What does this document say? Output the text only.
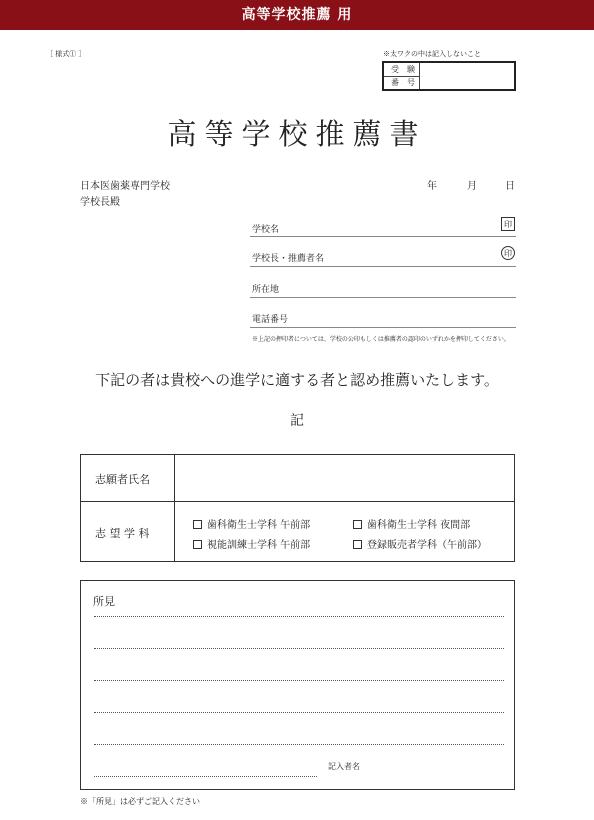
高等学校推薦 用
［ 様式① ］	※太ワクの中は記入しないこと
受　験
番　号
高等学校推薦書
日本医歯薬専門学校
学校長殿
年	月	日
学校名
印
学校長・推薦者名
印
所在地
電話番号
※上記の押印者については、学校の公印もしくは推薦者の認印のいずれかを押印してください。
下記の者は貴校への進学に適する者と認め推薦いたします。
記
志願者氏名
志 望 学 科
歯科衛生士学科 午前部	歯科衛生士学科 夜間部
視能訓練士学科 午前部	登録販売者学科（午前部）
所見
記入者名
※「所見」は必ずご記入ください
